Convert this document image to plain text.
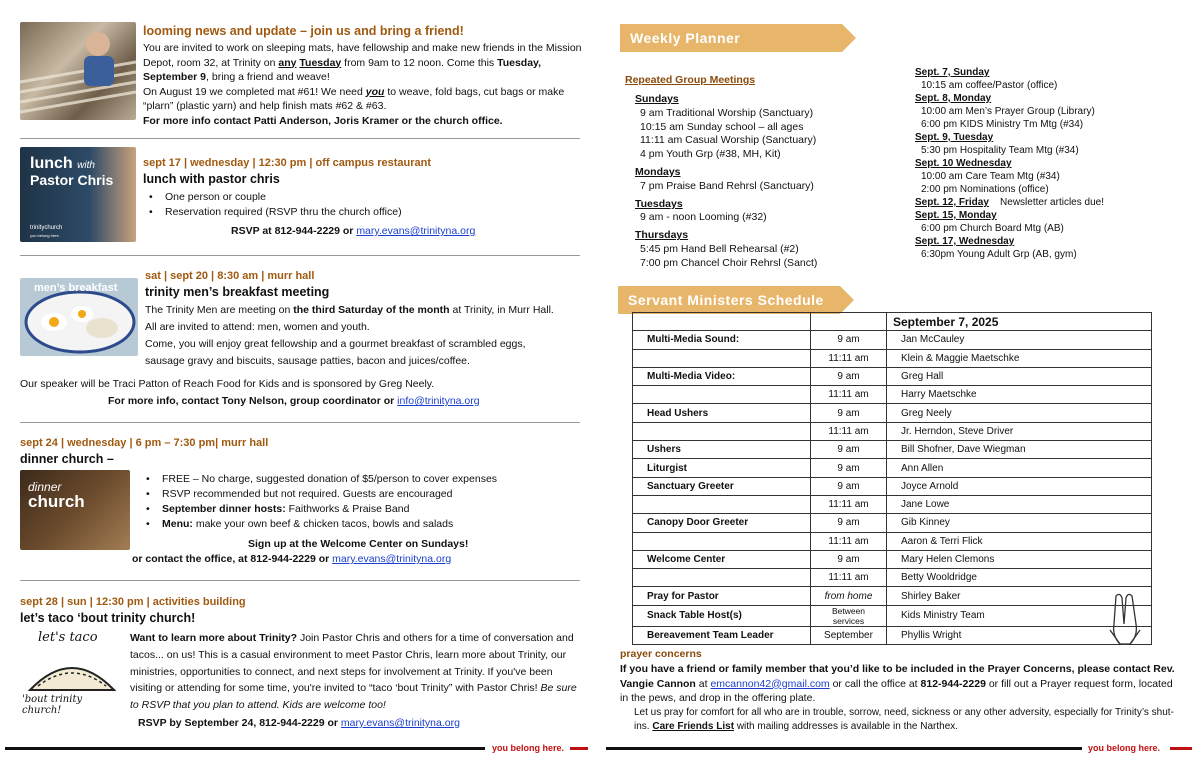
looming news and update – join us and bring a friend!

You are invited to work on sleeping mats, have fellowship and make new friends in the Mission Depot, room 32, at Trinity on any Tuesday from 9am to 12 noon. Come this Tuesday, September 9, bring a friend and weave!

On August 19 we completed mat #61! We need you to weave, fold bags, cut bags or make “plarn” (plastic yarn) and help finish mats #62 & #63.

For more info contact Patti Anderson, Joris Kramer or the church office.

lunch with
Pastor Chris
trinitychurch
you belong here.
sept 17 | wednesday | 12:30 pm | off campus restaurant
lunch with pastor chris
• One person or couple
• Reservation required (RSVP thru the church office)

RSVP at 812-944-2229 or mary.evans@trinityna.org

men’s breakfast
sat | sept 20 | 8:30 am | murr hall
trinity men’s breakfast meeting

The Trinity Men are meeting on the third Saturday of the month at Trinity, in Murr Hall. All are invited to attend: men, women and youth.

Come, you will enjoy great fellowship and a gourmet breakfast of scrambled eggs, sausage gravy and biscuits, sausage patties, bacon and juices/coffee.

Our speaker will be Traci Patton of Reach Food for Kids and is sponsored by Greg Neely.

For more info, contact Tony Nelson, group coordinator or info@trinityna.org

sept 24 | wednesday | 6 pm – 7:30 pm| murr hall
dinner church –
dinner
church
• FREE – No charge, suggested donation of $5/person to cover expenses
• RSVP recommended but not required. Guests are encouraged
• September dinner hosts: Faithworks & Praise Band
• Menu: make your own beef & chicken tacos, bowls and salads

Sign up at the Welcome Center on Sundays!

or contact the office, at 812-944-2229 or mary.evans@trinityna.org

sept 28 | sun | 12:30 pm | activities building
let’s taco ‘bout trinity church!
let's taco
'bout trinity church!

Want to learn more about Trinity? Join Pastor Chris and others for a time of conversation and tacos... on us! This is a casual environment to meet Pastor Chris, learn more about Trinity, our ministries, opportunities to connect, and next steps for involvement at Trinity. If you've been visiting or attending for some time, you're invited to “taco ‘bout Trinity” with Pastor Chris! Be sure to RSVP that you plan to attend. Kids are welcome too!

RSVP by September 24, 812-944-2229 or mary.evans@trinityna.org

you belong here.
Weekly Planner
Repeated Group Meetings
Sundays
9 am Traditional Worship (Sanctuary)
10:15 am Sunday school – all ages
11:11 am Casual Worship (Sanctuary)
4 pm Youth Grp (#38, MH, Kit)
Mondays
7 pm Praise Band Rehrsl (Sanctuary)
Tuesdays
9 am - noon Looming (#32)
Thursdays
5:45 pm Hand Bell Rehearsal (#2)
7:00 pm Chancel Choir Rehrsl (Sanct)
Sept. 7, Sunday
10:15 am coffee/Pastor (office)
Sept. 8, Monday
10:00 am Men’s Prayer Group (Library)
6:00 pm KIDS Ministry Tm Mtg (#34)
Sept. 9, Tuesday
5:30 pm Hospitality Team Mtg (#34)
Sept. 10 Wednesday
10:00 am Care Team Mtg (#34)
2:00 pm Nominations (office)
Sept. 12, Friday Newsletter articles due!
Sept. 15, Monday
6:00 pm Church Board Mtg (AB)
Sept. 17, Wednesday
6:30pm Young Adult Grp (AB, gym)
Servant Ministers Schedule
		September 7, 2025
Multi-Media Sound:	9 am	Jan McCauley
	11:11 am	Klein & Maggie Maetschke
Multi-Media Video:	9 am	Greg Hall
	11:11 am	Harry Maetschke
Head Ushers	9 am	Greg Neely
	11:11 am	Jr. Herndon, Steve Driver
Ushers	9 am	Bill Shofner, Dave Wiegman
Liturgist	9 am	Ann Allen
Sanctuary Greeter	9 am	Joyce Arnold
	11:11 am	Jane Lowe
Canopy Door Greeter	9 am	Gib Kinney
	11:11 am	Aaron & Terri Flick
Welcome Center	9 am	Mary Helen Clemons
	11:11 am	Betty Wooldridge
Pray for Pastor	from home	Shirley Baker
Snack Table Host(s)	Between services	Kids Ministry Team
Bereavement Team Leader	September	Phyllis Wright
prayer concerns

If you have a friend or family member that you’d like to be included in the Prayer Concerns, please contact Rev. Vangie Cannon at emcannon42@gmail.com or call the office at 812-944-2229 or fill out a Prayer request form, located in the pews, and drop in the offering plate.

Let us pray for comfort for all who are in trouble, sorrow, need, sickness or any other adversity, especially for Trinity’s shut-ins. Care Friends List with mailing addresses is available in the Narthex.

you belong here.
